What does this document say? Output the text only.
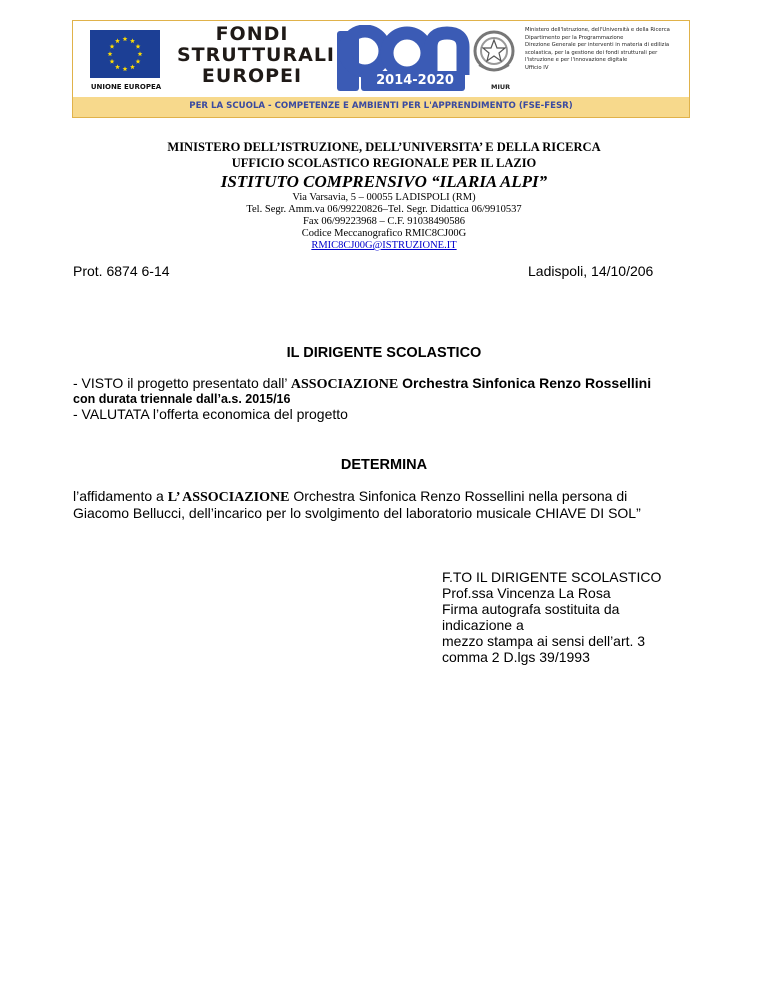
UNIONE EUROPEA
FONDI
STRUTTURALI
EUROPEI	2014-2020	MIUR
Ministero dell'Istruzione, dell'Università e della Ricerca
Dipartimento per la Programmazione
Direzione Generale per interventi in materia di edilizia
scolastica, per la gestione dei fondi strutturali per
l'istruzione e per l'innovazione digitale
Ufficio IV
PER LA SCUOLA - COMPETENZE E AMBIENTI PER L'APPRENDIMENTO (FSE-FESR)
MINISTERO DELL’ISTRUZIONE, DELL’UNIVERSITA’ E DELLA RICERCA
UFFICIO SCOLASTICO REGIONALE PER IL LAZIO
ISTITUTO COMPRENSIVO “ILARIA ALPI”
Via Varsavia, 5 – 00055 LADISPOLI (RM)
Tel. Segr. Amm.va 06/99220826–Tel. Segr. Didattica 06/9910537
Fax 06/99223968 – C.F. 91038490586
Codice Meccanografico RMIC8CJ00G
RMIC8CJ00G@ISTRUZIONE.IT
Prot. 6874 6-14	Ladispoli, 14/10/206
IL DIRIGENTE SCOLASTICO
- VISTO il progetto presentato dall’ ASSOCIAZIONE Orchestra Sinfonica Renzo Rossellini
con durata triennale dall’a.s. 2015/16
- VALUTATA l’offerta economica del progetto
DETERMINA
l’affidamento a L’ ASSOCIAZIONE Orchestra Sinfonica Renzo Rossellini nella persona di
Giacomo Bellucci, dell’incarico per lo svolgimento del laboratorio musicale CHIAVE DI SOL”
F.TO IL DIRIGENTE SCOLASTICO
Prof.ssa Vincenza La Rosa
Firma autografa sostituita da
indicazione a
mezzo stampa ai sensi dell’art. 3
comma 2 D.lgs 39/1993
